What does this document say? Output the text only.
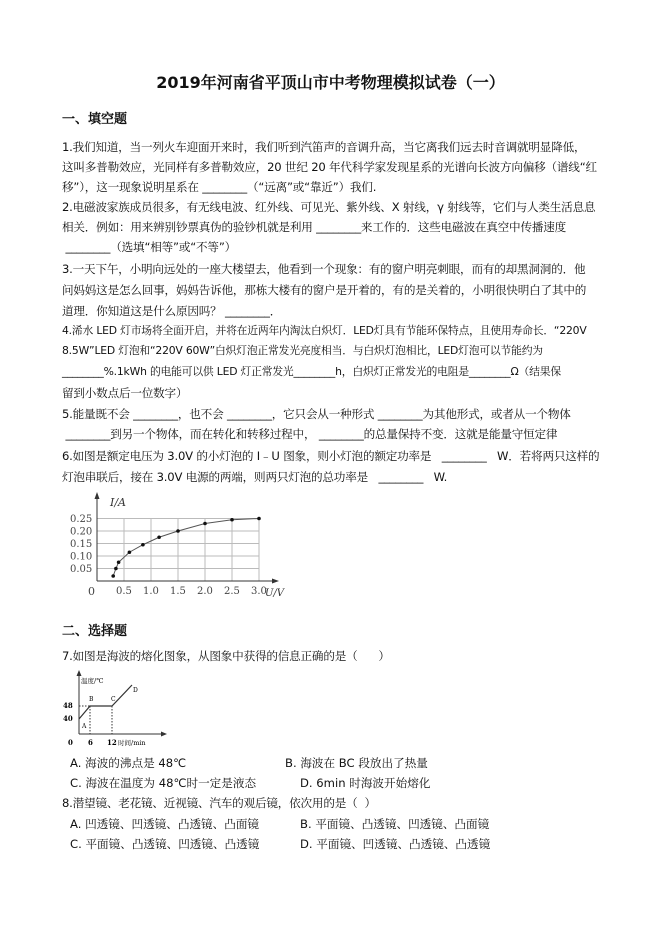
2019年河南省平顶山市中考物理模拟试卷（一）
一、填空题
1.我们知道，当一列火车迎面开来时，我们听到汽笛声的音调升高，当它离我们远去时音调就明显降低，
这叫多普勒效应，光同样有多普勒效应，20 世纪 20 年代科学家发现星系的光谱向长波方向偏移（谱线“红
移”），这一现象说明星系在 ________（“远离”或“靠近”）我们.
2.电磁波家族成员很多，有无线电波、红外线、可见光、紫外线、X 射线，γ 射线等，它们与人类生活息息
相关．例如：用来辨别钞票真伪的验钞机就是利用 ________来工作的．这些电磁波在真空中传播速度
________（选填“相等”或“不等”）
3.一天下午，小明向远处的一座大楼望去，他看到一个现象：有的窗户明亮刺眼，而有的却黑洞洞的．他
问妈妈这是怎么回事，妈妈告诉他，那栋大楼有的窗户是开着的，有的是关着的，小明很快明白了其中的
道理．你知道这是什么原因吗？ ________．
4.浠水 LED 灯市场将全面开启，并将在近两年内淘汰白炽灯．LED灯具有节能环保特点，且使用寿命长．“220V
8.5W”LED 灯泡和“220V 60W”白炽灯泡正常发光亮度相当．与白炽灯泡相比，LED灯泡可以节能约为
________%.1kWh 的电能可以供 LED 灯正常发光________h，白炽灯正常发光的电阻是________Ω（结果保
留到小数点后一位数字）
5.能量既不会 ________，也不会 ________，它只会从一种形式 ________为其他形式，或者从一个物体
________到另一个物体，而在转化和转移过程中， ________的总量保持不变．这就是能量守恒定律
6.如图是额定电压为 3.0V 的小灯泡的 I﹣U 图象，则小灯泡的额定功率是   ________   W．若将两只这样的
灯泡串联后，接在 3.0V 电源的两端，则两只灯泡的总功率是   ________   W.
0.5 1.0 1.5 2.0 2.5 3.0
0.25
0.20
0.15
0.10
0.05
I/A
U/V
0
二、选择题
7.如图是海波的熔化图象，从图象中获得的信息正确的是（      ）
温度/℃
0
48
40
6 12 时间/min
A
B	C
D
A. 海波的沸点是 48℃	B. 海波在 BC 段放出了热量
C. 海波在温度为 48℃时一定是液态	D. 6min 时海波开始熔化
8.潜望镜、老花镜、近视镜、汽车的观后镜，依次用的是（  ）
A. 凹透镜、凹透镜、凸透镜、凸面镜	B. 平面镜、凸透镜、凹透镜、凸面镜
C. 平面镜、凸透镜、凹透镜、凸透镜	D. 平面镜、凹透镜、凸透镜、凸透镜
